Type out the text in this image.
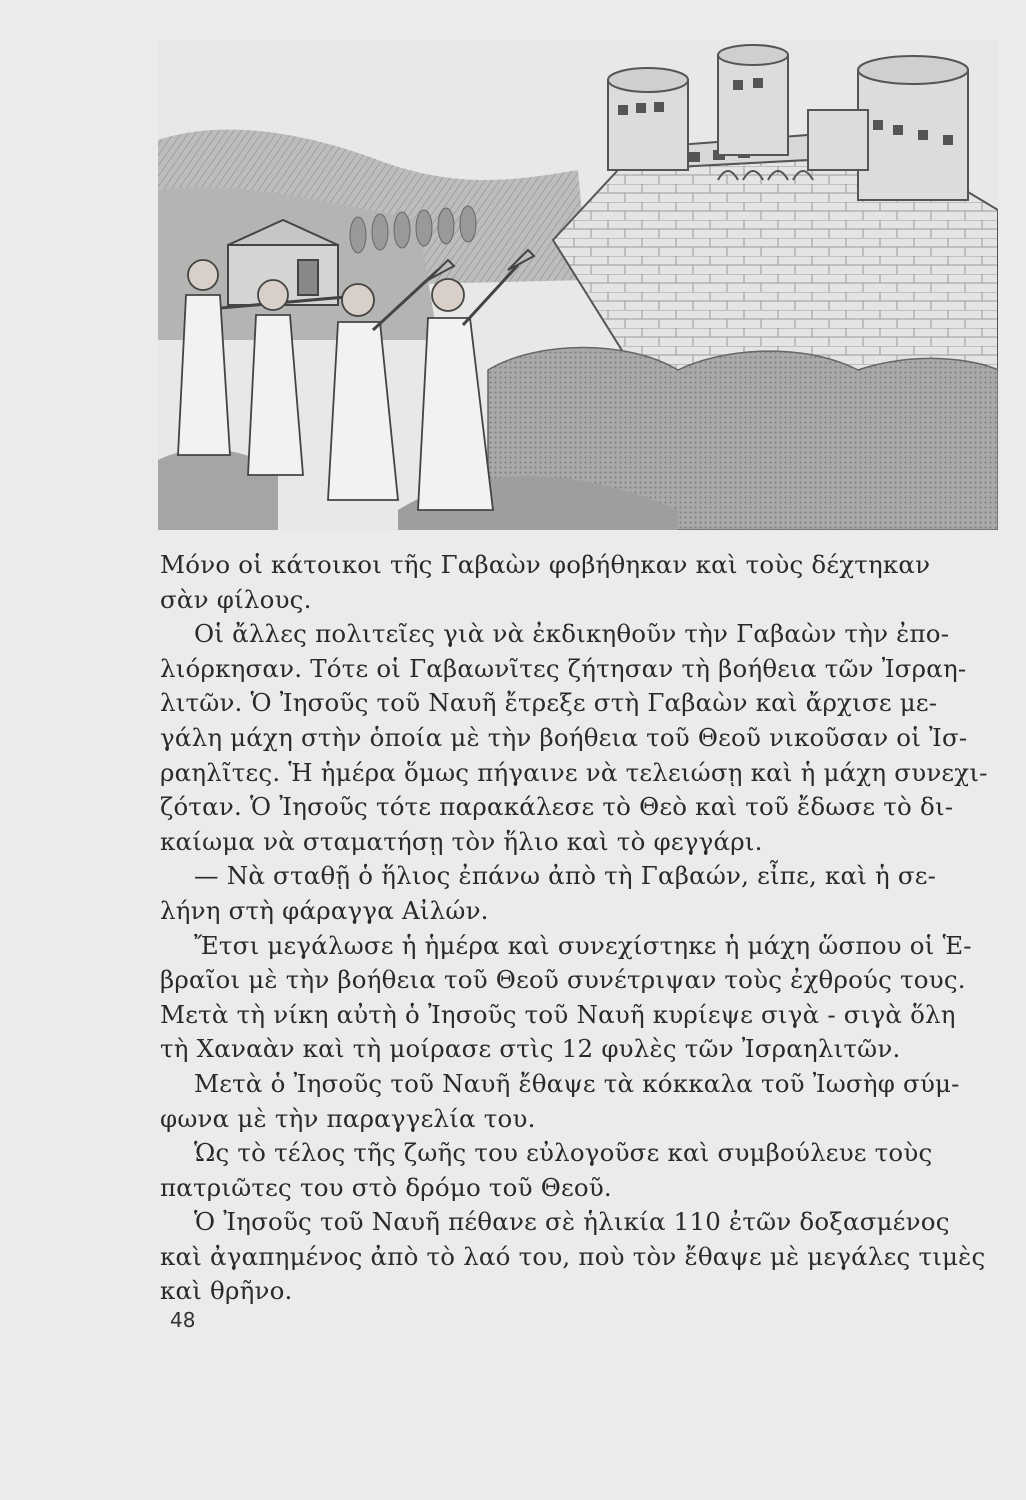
Μόνο οἱ κάτοικοι τῆς Γαβαὼν φοβήθηκαν καὶ τοὺς δέχτηκαν
σὰν φίλους.

Οἱ ἄλλες πολιτεῖες γιὰ νὰ ἐκδικηθοῦν τὴν Γαβαὼν τὴν ἐπο-
λιόρκησαν. Τότε οἱ Γαβαωνῖτες ζήτησαν τὴ βοήθεια τῶν Ἰσραη-
λιτῶν. Ὁ Ἰησοῦς τοῦ Ναυῆ ἔτρεξε στὴ Γαβαὼν καὶ ἄρχισε με-
γάλη μάχη στὴν ὁποία μὲ τὴν βοήθεια τοῦ Θεοῦ νικοῦσαν οἱ Ἰσ-
ραηλῖτες. Ἡ ἡμέρα ὅμως πήγαινε νὰ τελειώσῃ καὶ ἡ μάχη συνεχι-
ζόταν. Ὁ Ἰησοῦς τότε παρακάλεσε τὸ Θεὸ καὶ τοῦ ἔδωσε τὸ δι-
καίωμα νὰ σταματήσῃ τὸν ἥλιο καὶ τὸ φεγγάρι.

— Νὰ σταθῇ ὁ ἥλιος ἐπάνω ἀπὸ τὴ Γαβαών, εἶπε, καὶ ἡ σε-
λήνη στὴ φάραγγα Αἰλών.

Ἔτσι μεγάλωσε ἡ ἡμέρα καὶ συνεχίστηκε ἡ μάχη ὥσπου οἱ Ἑ-
βραῖοι μὲ τὴν βοήθεια τοῦ Θεοῦ συνέτριψαν τοὺς ἐχθρούς τους.
Μετὰ τὴ νίκη αὐτὴ ὁ Ἰησοῦς τοῦ Ναυῆ κυρίεψε σιγὰ - σιγὰ ὅλη
τὴ Χαναὰν καὶ τὴ μοίρασε στὶς 12 φυλὲς τῶν Ἰσραηλιτῶν.

Μετὰ ὁ Ἰησοῦς τοῦ Ναυῆ ἔθαψε τὰ κόκκαλα τοῦ Ἰωσὴφ σύμ-
φωνα μὲ τὴν παραγγελία του.

Ὡς τὸ τέλος τῆς ζωῆς του εὐλογοῦσε καὶ συμβούλευε τοὺς
πατριῶτες του στὸ δρόμο τοῦ Θεοῦ.

Ὁ Ἰησοῦς τοῦ Ναυῆ πέθανε σὲ ἡλικία 110 ἐτῶν δοξασμένος
καὶ ἀγαπημένος ἀπὸ τὸ λαό του, ποὺ τὸν ἔθαψε μὲ μεγάλες τιμὲς
καὶ θρῆνο.

48
